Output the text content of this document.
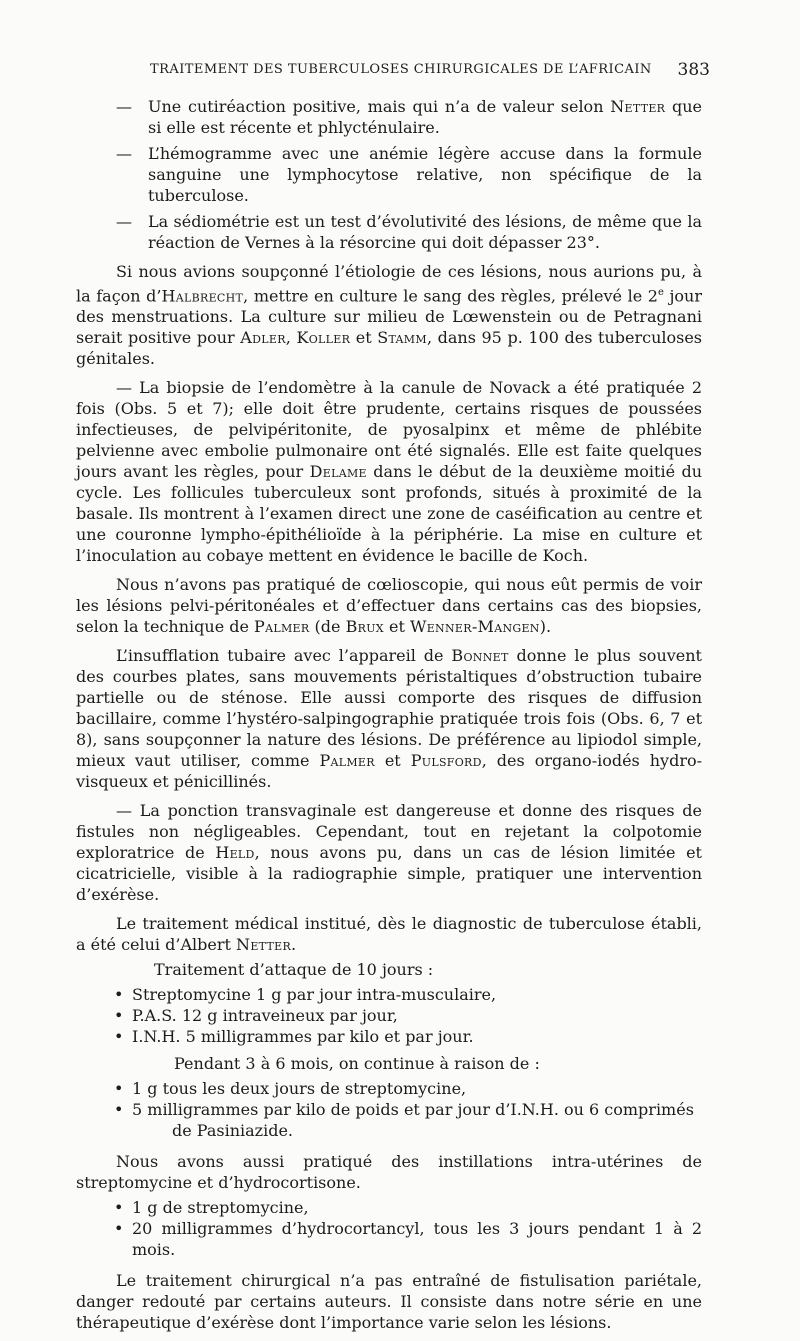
TRAITEMENT DES TUBERCULOSES CHIRURGICALES DE L’AFRICAIN 383
— Une cutiréaction positive, mais qui n’a de valeur selon Netter que si elle est récente et phlycténulaire.
— L’hémogramme avec une anémie légère accuse dans la formule sanguine une lymphocytose relative, non spécifique de la tuberculose.
— La sédiométrie est un test d’évolutivité des lésions, de même que la réaction de Vernes à la résorcine qui doit dépasser 23°.

Si nous avions soupçonné l’étiologie de ces lésions, nous aurions pu, à la façon d’Halbrecht, mettre en culture le sang des règles, prélevé le 2e jour des menstruations. La culture sur milieu de Lœwenstein ou de Petragnani serait positive pour Adler, Koller et Stamm, dans 95 p. 100 des tuberculoses génitales.

— La biopsie de l’endomètre à la canule de Novack a été pratiquée 2 fois (Obs. 5 et 7); elle doit être prudente, certains risques de poussées infectieuses, de pelvipéritonite, de pyosalpinx et même de phlébite pelvienne avec embolie pulmonaire ont été signalés. Elle est faite quelques jours avant les règles, pour Delame dans le début de la deuxième moitié du cycle. Les follicules tuberculeux sont profonds, situés à proximité de la basale. Ils montrent à l’examen direct une zone de caséification au centre et une couronne lympho-épithélioïde à la périphérie. La mise en culture et l’inoculation au cobaye mettent en évidence le bacille de Koch.

Nous n’avons pas pratiqué de cœlioscopie, qui nous eût permis de voir les lésions pelvi-péritonéales et d’effectuer dans certains cas des biopsies, selon la technique de Palmer (de Brux et Wenner-Mangen).

L’insufflation tubaire avec l’appareil de Bonnet donne le plus souvent des courbes plates, sans mouvements péristaltiques d’obstruction tubaire partielle ou de sténose. Elle aussi comporte des risques de diffusion bacillaire, comme l’hystéro-salpingographie pratiquée trois fois (Obs. 6, 7 et 8), sans soupçonner la nature des lésions. De préférence au lipiodol simple, mieux vaut utiliser, comme Palmer et Pulsford, des organo-iodés hydro-visqueux et pénicillinés.

— La ponction transvaginale est dangereuse et donne des risques de fistules non négligeables. Cependant, tout en rejetant la colpotomie exploratrice de Held, nous avons pu, dans un cas de lésion limitée et cicatricielle, visible à la radiographie simple, pratiquer une intervention d’exérèse.

Le traitement médical institué, dès le diagnostic de tuberculose établi, a été celui d’Albert Netter.

Traitement d’attaque de 10 jours :
• Streptomycine 1 g par jour intra-musculaire,
• P.A.S. 12 g intraveineux par jour,
• I.N.H. 5 milligrammes par kilo et par jour.
Pendant 3 à 6 mois, on continue à raison de :
• 1 g tous les deux jours de streptomycine,
• 5 milligrammes par kilo de poids et par jour d’I.N.H. ou 6 comprimés
de Pasiniazide.

Nous avons aussi pratiqué des instillations intra-utérines de streptomycine et d’hydrocortisone.

• 1 g de streptomycine,
• 20 milligrammes d’hydrocortancyl, tous les 3 jours pendant 1 à 2 mois.

Le traitement chirurgical n’a pas entraîné de fistulisation pariétale, danger redouté par certains auteurs. Il consiste dans notre série en une thérapeutique d’exérèse dont l’importance varie selon les lésions.
